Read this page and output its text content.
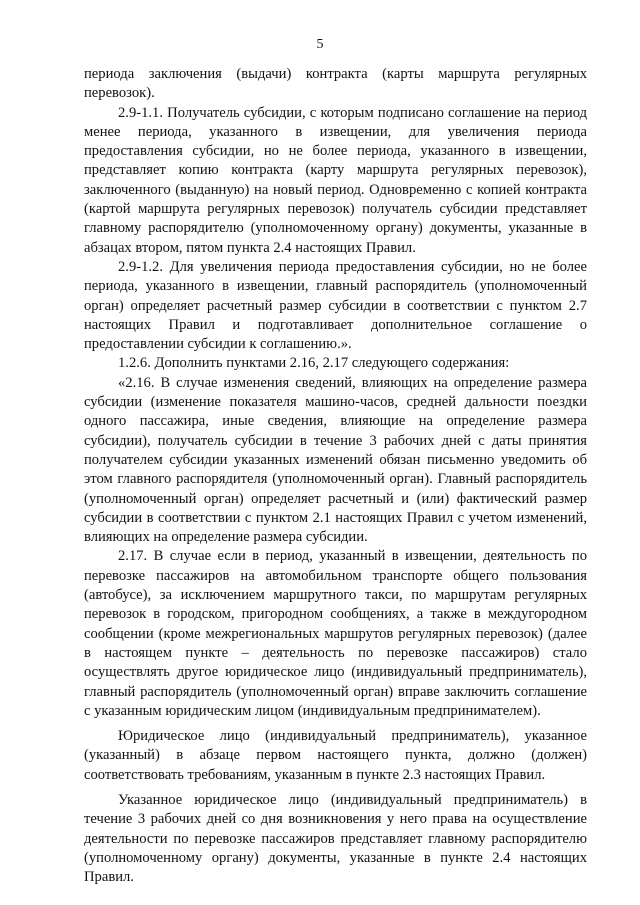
5

периода заключения (выдачи) контракта (карты маршрута регулярных перевозок).

2.9-1.1. Получатель субсидии, с которым подписано соглашение на период менее периода, указанного в извещении, для увеличения периода предоставления субсидии, но не более периода, указанного в извещении, представляет копию контракта (карту маршрута регулярных перевозок), заключенного (выданную) на новый период. Одновременно с копией контракта (картой маршрута регулярных перевозок) получатель субсидии представляет главному распорядителю (уполномоченному органу) документы, указанные в абзацах втором, пятом пункта 2.4 настоящих Правил.

2.9-1.2. Для увеличения периода предоставления субсидии, но не более периода, указанного в извещении, главный распорядитель (уполномоченный орган) определяет расчетный размер субсидии в соответствии с пунктом 2.7 настоящих Правил и подготавливает дополнительное соглашение о предоставлении субсидии к соглашению.».

1.2.6. Дополнить пунктами 2.16, 2.17 следующего содержания:

«2.16. В случае изменения сведений, влияющих на определение размера субсидии (изменение показателя машино-часов, средней дальности поездки одного пассажира, иные сведения, влияющие на определение размера субсидии), получатель субсидии в течение 3 рабочих дней с даты принятия получателем субсидии указанных изменений обязан письменно уведомить об этом главного распорядителя (уполномоченный орган). Главный распорядитель (уполномоченный орган) определяет расчетный и (или) фактический размер субсидии в соответствии с пунктом 2.1 настоящих Правил с учетом изменений, влияющих на определение размера субсидии.

2.17. В случае если в период, указанный в извещении, деятельность по перевозке пассажиров на автомобильном транспорте общего пользования (автобусе), за исключением маршрутного такси, по маршрутам регулярных перевозок в городском, пригородном сообщениях, а также в междугородном сообщении (кроме межрегиональных маршрутов регулярных перевозок) (далее в настоящем пункте – деятельность по перевозке пассажиров) стало осуществлять другое юридическое лицо (индивидуальный предприниматель), главный распорядитель (уполномоченный орган) вправе заключить соглашение с указанным юридическим лицом (индивидуальным предпринимателем).

Юридическое лицо (индивидуальный предприниматель), указанное (указанный) в абзаце первом настоящего пункта, должно (должен) соответствовать требованиям, указанным в пункте 2.3 настоящих Правил.

Указанное юридическое лицо (индивидуальный предприниматель) в течение 3 рабочих дней со дня возникновения у него права на осуществление деятельности по перевозке пассажиров представляет главному распорядителю (уполномоченному органу) документы, указанные в пункте 2.4 настоящих Правил.
